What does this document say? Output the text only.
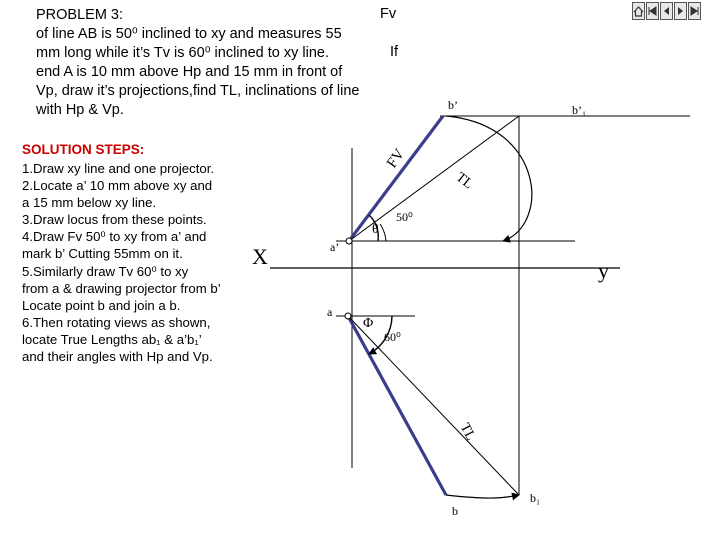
PROBLEM 3:
of line AB is 50⁰ inclined to xy and measures 55
mm long while it’s Tv is 60⁰ inclined to xy line.
end A is 10 mm above Hp and 15 mm in front of
Vp, draw it’s projections,find TL, inclinations of line
with Hp & Vp.
Fv
If
SOLUTION STEPS:
1.Draw xy line and one projector.
2.Locate a’ 10 mm above xy and
a 15 mm below xy line.
3.Draw locus from these points.
4.Draw Fv 50⁰ to xy from a’ and
mark b’ Cutting 55mm on it.
5.Similarly draw Tv 60⁰ to xy
from a & drawing projector from b’
Locate point b and join a b.
6.Then rotating views as shown,
locate True Lengths ab₁ & a’b₁’
and their angles with Hp and Vp.
X
y
a’
a
b’	b’₁
b
b₁
FV
TL
TL
50⁰
60⁰
θ
Φ
